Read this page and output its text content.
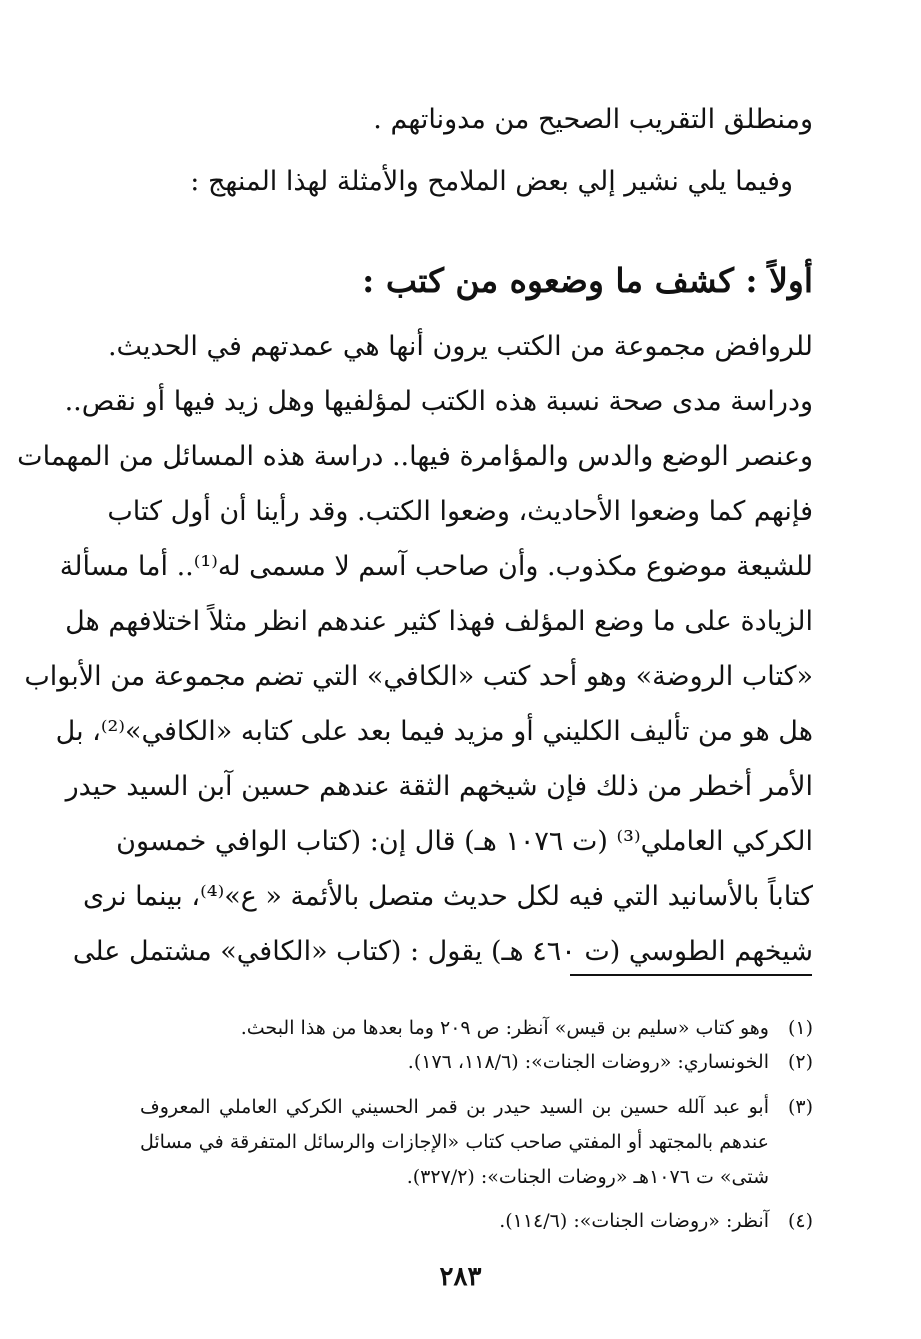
ومنطلق التقريب الصحيح من مدوناتهم .
وفيما يلي نشير إلي بعض الملامح والأمثلة لهذا المنهج :
أولاً : كشف ما وضعوه من كتب :
للروافض مجموعة من الكتب يرون أنها هي عمدتهم في الحديث.
ودراسة مدى صحة نسبة هذه الكتب لمؤلفيها وهل زيد فيها أو نقص..
وعنصر الوضع والدس والمؤامرة فيها.. دراسة هذه المسائل من المهمات
فإنهم كما وضعوا الأحاديث، وضعوا الكتب. وقد رأينا أن أول كتاب
للشيعة موضوع مكذوب. وأن صاحب آسم لا مسمى له⁽¹⁾.. أما مسألة
الزيادة على ما وضع المؤلف فهذا كثير عندهم انظر مثلاً اختلافهم هل
«كتاب الروضة» وهو أحد كتب «الكافي» التي تضم مجموعة من الأبواب
هل هو من تأليف الكليني أو مزيد فيما بعد على كتابه «الكافي»⁽²⁾، بل
الأمر أخطر من ذلك فإن شيخهم الثقة عندهم حسين آبن السيد حيدر
الكركي العاملي⁽³⁾ (ت ١٠٧٦ هـ) قال إن: (كتاب الوافي خمسون
كتاباً بالأسانيد التي فيه لكل حديث متصل بالأئمة « ع»⁽⁴⁾، بينما نرى
شيخهم الطوسي (ت ٤٦٠ هـ) يقول : (كتاب «الكافي» مشتمل على
(١)
وهو كتاب «سليم بن قيس» آنظر: ص ٢٠٩ وما بعدها من هذا البحث.
(٢)
الخونساري: «روضات الجنات»: (١١٨/٦، ١٧٦).
(٣)
أبو عبد آلله حسين بن السيد حيدر بن قمر الحسيني الكركي العاملي المعروف
عندهم بالمجتهد أو المفتي صاحب كتاب «الإجازات والرسائل المتفرقة في مسائل
شتى» ت ١٠٧٦هـ «روضات الجنات»: (٣٢٧/٢).
(٤)
آنظر: «روضات الجنات»: (١١٤/٦).
٢٨٣
